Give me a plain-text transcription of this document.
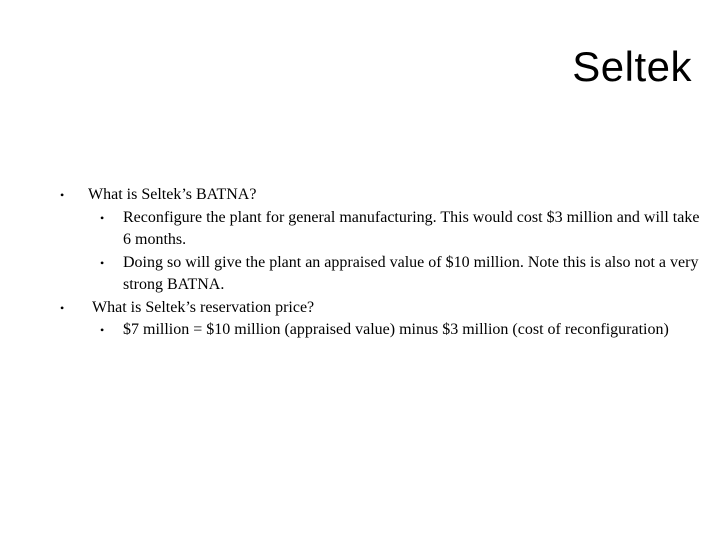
Seltek

• What is Seltek’s BATNA?

• Reconfigure the plant for general manufacturing. This would cost $3 million and will take 6 months.

• Doing so will give the plant an appraised value of $10 million. Note this is also not a very strong BATNA.

• What is Seltek’s reservation price?

• $7 million = $10 million (appraised value) minus $3 million (cost of reconfiguration)
